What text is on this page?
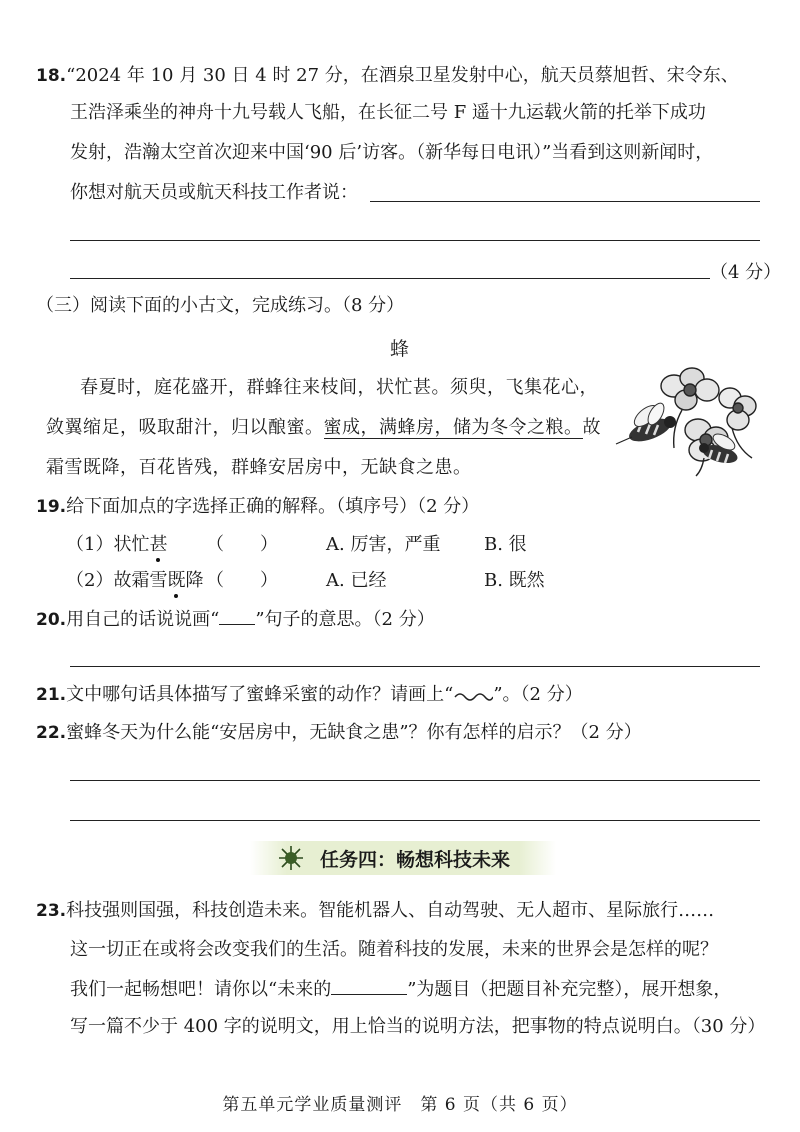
18.“2024 年 10 月 30 日 4 时 27 分，在酒泉卫星发射中心，航天员蔡旭哲、宋令东、
王浩泽乘坐的神舟十九号载人飞船，在长征二号 F 遥十九运载火箭的托举下成功
发射，浩瀚太空首次迎来中国‘90 后’访客。（新华每日电讯）”当看到这则新闻时，
你想对航天员或航天科技工作者说：
（4 分）
（三）阅读下面的小古文，完成练习。（8 分）
蜂
春夏时，庭花盛开，群蜂往来枝间，状忙甚。须臾，飞集花心，
敛翼缩足，吸取甜汁，归以酿蜜。蜜成，满蜂房，储为冬令之粮。故
霜雪既降，百花皆残，群蜂安居房中，无缺食之患。
19.给下面加点的字选择正确的解释。（填序号）（2 分）
（1）状忙甚 （　　）	A. 厉害，严重 B. 很
（2）故霜雪既降 （　　）	A. 已经	B. 既然
20.用自己的话说说画“ ”句子的意思。（2 分）
21.文中哪句话具体描写了蜜蜂采蜜的动作？请画上“ ”。（2 分）
22.蜜蜂冬天为什么能“安居房中，无缺食之患”？你有怎样的启示？（2 分）
任务四：畅想科技未来
23.科技强则国强，科技创造未来。智能机器人、自动驾驶、无人超市、星际旅行……
这一切正在或将会改变我们的生活。随着科技的发展，未来的世界会是怎样的呢？
我们一起畅想吧！请你以“未来的	”为题目（把题目补充完整），展开想象，
写一篇不少于 400 字的说明文，用上恰当的说明方法，把事物的特点说明白。（30 分）
第五单元学业质量测评　第 6 页（共 6 页）
